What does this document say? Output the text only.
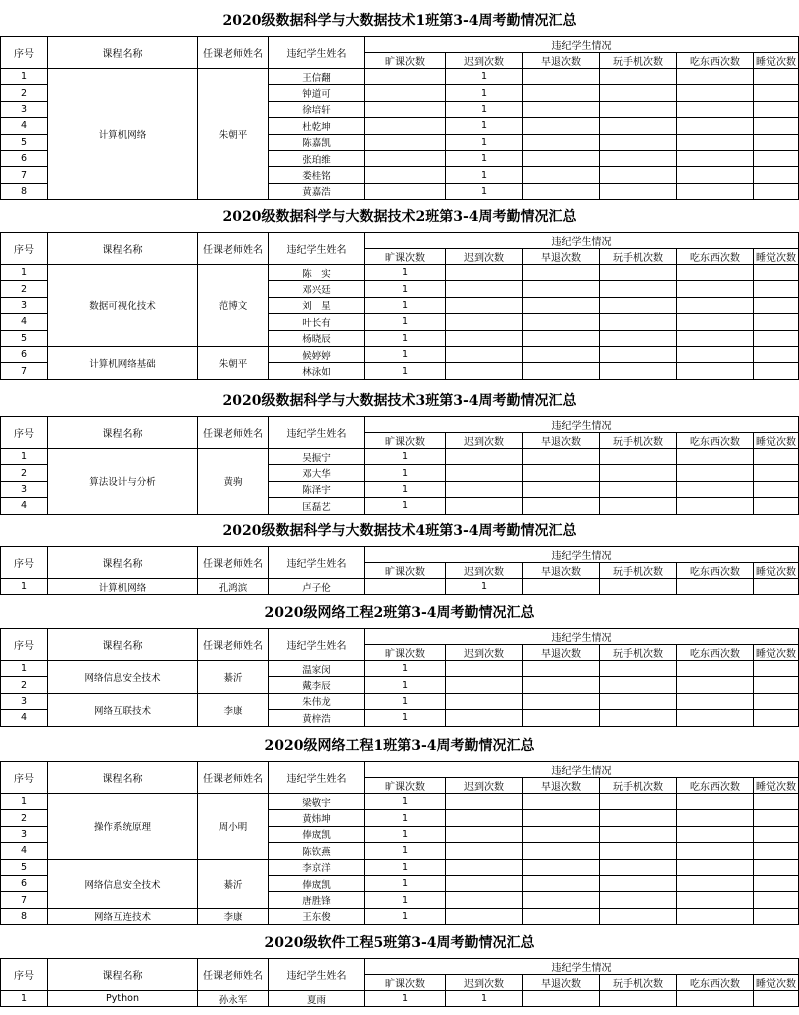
2020级数据科学与大数据技术1班第3-4周考勤情况汇总
序号	课程名称	任课老师姓名	违纪学生姓名	违纪学生情况					
				旷课次数	迟到次数	早退次数	玩手机次数	吃东西次数	睡觉次数
1	计算机网络	朱朝平	王信翻		1				
2			钟道可		1				
3			徐培轩		1				
4			杜乾坤		1				
5			陈嘉凯		1				
6			张珀维		1				
7			娄桂铭		1				
8			黄嘉浩		1				
2020级数据科学与大数据技术2班第3-4周考勤情况汇总
序号	课程名称	任课老师姓名	违纪学生姓名	违纪学生情况					
				旷课次数	迟到次数	早退次数	玩手机次数	吃东西次数	睡觉次数
1	数据可视化技术	范博文	陈　实	1					
2			邓兴廷	1					
3			刘　星	1					
4			叶长有	1					
5			杨晓辰	1					
6	计算机网络基础	朱朝平	候婷婷	1					
7			林泳如	1					
2020级数据科学与大数据技术3班第3-4周考勤情况汇总
序号	课程名称	任课老师姓名	违纪学生姓名	违纪学生情况					
				旷课次数	迟到次数	早退次数	玩手机次数	吃东西次数	睡觉次数
1	算法设计与分析	黄驹	吴振宁	1					
2			邓大华	1					
3			陈泽宇	1					
4			匡磊艺	1					
2020级数据科学与大数据技术4班第3-4周考勤情况汇总
序号	课程名称	任课老师姓名	违纪学生姓名	违纪学生情况					
				旷课次数	迟到次数	早退次数	玩手机次数	吃东西次数	睡觉次数
1	计算机网络	孔鸿滨	卢子伦		1				
2020级网络工程2班第3-4周考勤情况汇总
序号	课程名称	任课老师姓名	违纪学生姓名	违纪学生情况					
				旷课次数	迟到次数	早退次数	玩手机次数	吃东西次数	睡觉次数
1	网络信息安全技术	綦沂	温家闵	1					
2			戴李辰	1					
3	网络互联技术	李康	朱伟龙	1					
4			黄梓浩	1					
2020级网络工程1班第3-4周考勤情况汇总
序号	课程名称	任课老师姓名	违纪学生姓名	违纪学生情况					
				旷课次数	迟到次数	早退次数	玩手机次数	吃东西次数	睡觉次数
1	操作系统原理	周小明	梁敬宇	1					
2			黄炜坤	1					
3			俸宬凯	1					
4			陈钦燕	1					
5	网络信息安全技术	綦沂	李京洋	1					
6			俸宬凯	1					
7			唐胜锋	1					
8	网络互连技术	李康	王东俊	1					
2020级软件工程5班第3-4周考勤情况汇总
序号	课程名称	任课老师姓名	违纪学生姓名	违纪学生情况					
				旷课次数	迟到次数	早退次数	玩手机次数	吃东西次数	睡觉次数
1	Python	孙永军	夏雨	1	1				
